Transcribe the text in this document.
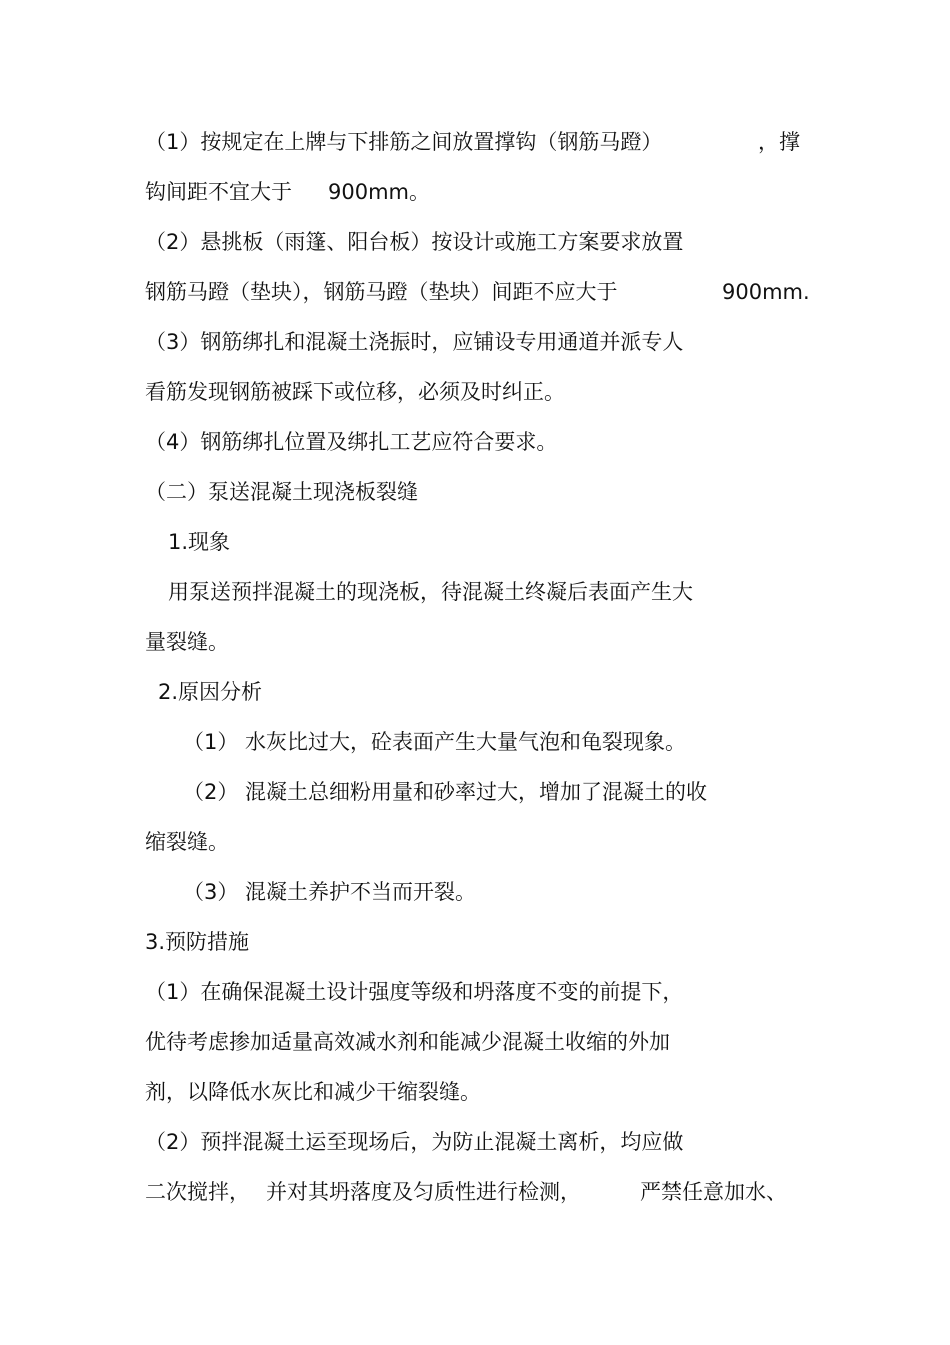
（1）按规定在上牌与下排筋之间放置撑钩（钢筋马蹬）	，撑
钩间距不宜大于 900mm。
（2）悬挑板（雨篷、阳台板）按设计或施工方案要求放置
钢筋马蹬（垫块），钢筋马蹬（垫块）间距不应大于	900mm.
（3）钢筋绑扎和混凝土浇振时，应铺设专用通道并派专人
看筋发现钢筋被踩下或位移，必须及时纠正。
（4）钢筋绑扎位置及绑扎工艺应符合要求。
（二）泵送混凝土现浇板裂缝
1.现象
用泵送预拌混凝土的现浇板，待混凝土终凝后表面产生大
量裂缝。
2.原因分析
（1） 水灰比过大，砼表面产生大量气泡和龟裂现象。
（2） 混凝土总细粉用量和砂率过大，增加了混凝土的收
缩裂缝。
（3） 混凝土养护不当而开裂。
3.预防措施
（1）在确保混凝土设计强度等级和坍落度不变的前提下，
优待考虑掺加适量高效减水剂和能减少混凝土收缩的外加
剂，以降低水灰比和减少干缩裂缝。
（2）预拌混凝土运至现场后，为防止混凝土离析，均应做
二次搅拌， 并对其坍落度及匀质性进行检测，	严禁任意加水、
